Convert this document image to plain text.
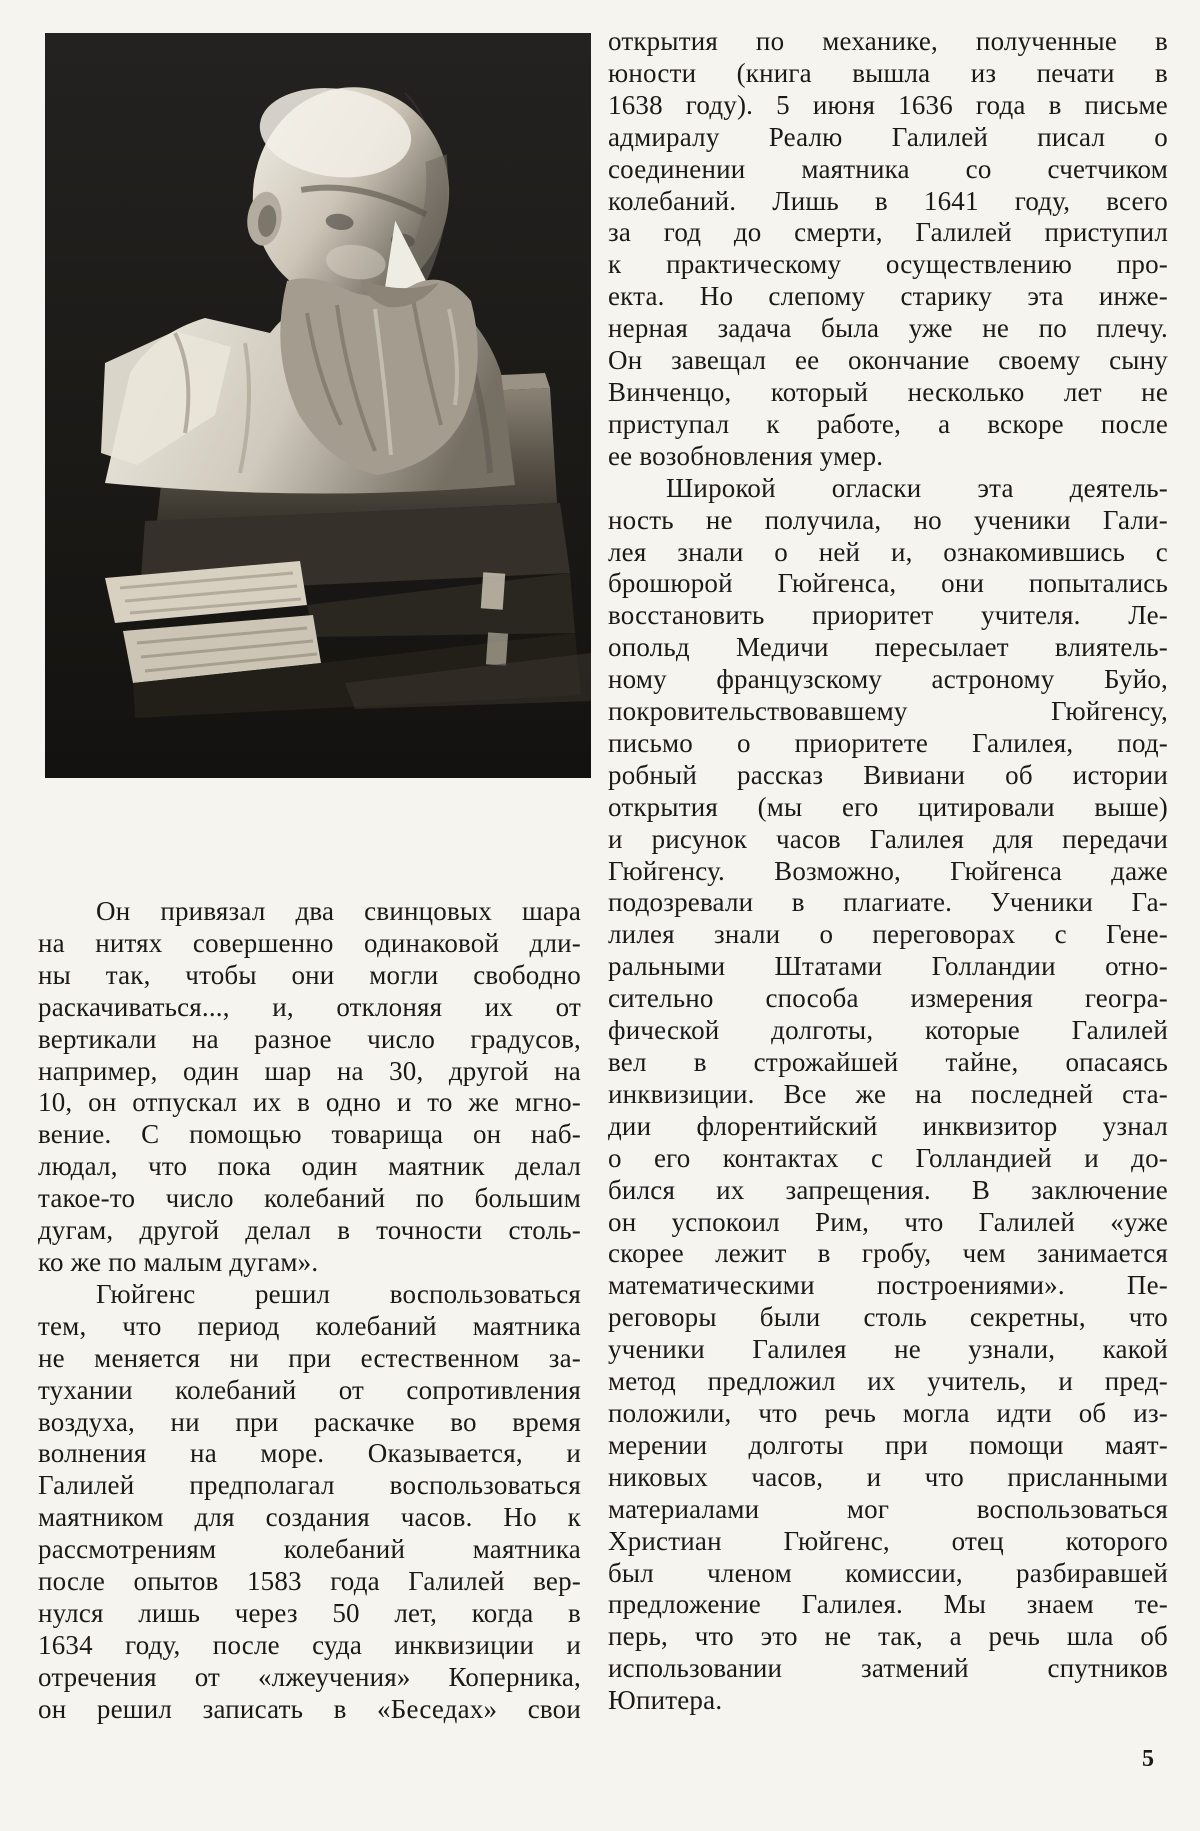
Он привязал два свинцовых шара
на нитях совершенно одинаковой дли-
ны так, чтобы они могли свободно
раскачиваться..., и, отклоняя их от
вертикали на разное число градусов,
например, один шар на 30, другой на
10, он отпускал их в одно и то же мгно-
вение. С помощью товарища он наб-
людал, что пока один маятник делал
такое-то число колебаний по большим
дугам, другой делал в точности столь-
ко же по малым дугам».
Гюйгенс решил воспользоваться
тем, что период колебаний маятника
не меняется ни при естественном за-
тухании колебаний от сопротивления
воздуха, ни при раскачке во время
волнения на море. Оказывается, и
Галилей предполагал воспользоваться
маятником для создания часов. Но к
рассмотрениям колебаний маятника
после опытов 1583 года Галилей вер-
нулся лишь через 50 лет, когда в
1634 году, после суда инквизиции и
отречения от «лжеучения» Коперника,
он решил записать в «Беседах» свои
открытия по механике, полученные в
юности (книга вышла из печати в
1638 году). 5 июня 1636 года в письме
адмиралу Реалю Галилей писал о
соединении маятника со счетчиком
колебаний. Лишь в 1641 году, всего
за год до смерти, Галилей приступил
к практическому осуществлению про-
екта. Но слепому старику эта инже-
нерная задача была уже не по плечу.
Он завещал ее окончание своему сыну
Винченцо, который несколько лет не
приступал к работе, а вскоре после
ее возобновления умер.
Широкой огласки эта деятель-
ность не получила, но ученики Гали-
лея знали о ней и, ознакомившись с
брошюрой Гюйгенса, они попытались
восстановить приоритет учителя. Ле-
опольд Медичи пересылает влиятель-
ному французскому астроному Буйо,
покровительствовавшему Гюйгенсу,
письмо о приоритете Галилея, под-
робный рассказ Вивиани об истории
открытия (мы его цитировали выше)
и рисунок часов Галилея для передачи
Гюйгенсу. Возможно, Гюйгенса даже
подозревали в плагиате. Ученики Га-
лилея знали о переговорах с Гене-
ральными Штатами Голландии отно-
сительно способа измерения геогра-
фической долготы, которые Галилей
вел в строжайшей тайне, опасаясь
инквизиции. Все же на последней ста-
дии флорентийский инквизитор узнал
о его контактах с Голландией и до-
бился их запрещения. В заключение
он успокоил Рим, что Галилей «уже
скорее лежит в гробу, чем занимается
математическими построениями». Пе-
реговоры были столь секретны, что
ученики Галилея не узнали, какой
метод предложил их учитель, и пред-
положили, что речь могла идти об из-
мерении долготы при помощи маят-
никовых часов, и что присланными
материалами мог воспользоваться
Христиан Гюйгенс, отец которого
был членом комиссии, разбиравшей
предложение Галилея. Мы знаем те-
перь, что это не так, а речь шла об
использовании затмений спутников
Юпитера.
5
